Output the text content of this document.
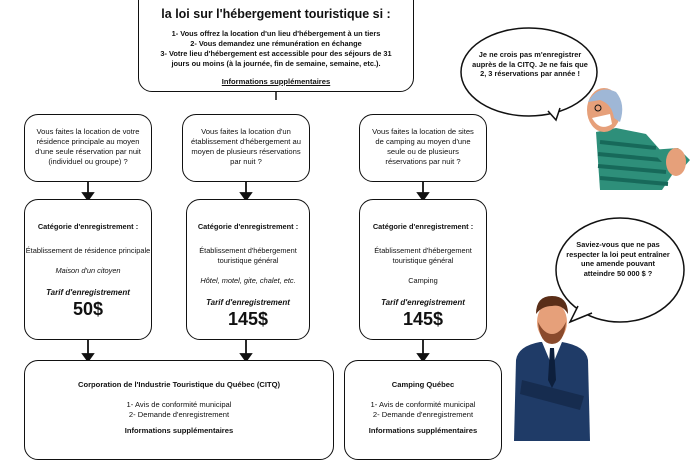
la loi sur l'hébergement touristique si :
1- Vous offrez la location d'un lieu d'hébergement à un tiers
2- Vous demandez une rémunération en échange
3- Votre lieu d'hébergement est accessible pour des séjours de 31
jours ou moins (à la journée, fin de semaine, semaine, etc.).
Informations supplémentaires
Vous faites la location de votre résidence principale au moyen d'une seule réservation par nuit (individuel ou groupe) ?
Vous faites la location d'un établissement d'hébergement au moyen de plusieurs réservations par nuit ?
Vous faites la location de sites de camping au moyen d'une seule ou de plusieurs réservations par nuit ?
Catégorie d'enregistrement :
Établissement de résidence principale
Maison d'un citoyen
Tarif d'enregistrement
50$
Catégorie d'enregistrement :
Établissement d'hébergement touristique général
Hôtel, motel, gite, chalet, etc.
Tarif d'enregistrement
145$
Catégorie d'enregistrement :
Établissement d'hébergement touristique général
Camping
Tarif d'enregistrement
145$
Corporation de l'Industrie Touristique du Québec (CITQ)
1- Avis de conformité municipal
2- Demande d'enregistrement
Informations supplémentaires
Camping Québec
1- Avis de conformité municipal
2- Demande d'enregistrement
Informations supplémentaires
Je ne crois pas m'enregistrer auprès de la CITQ. Je ne fais que 2, 3 réservations par année !
Saviez-vous que ne pas respecter la loi peut entraîner une amende pouvant atteindre 50 000 $ ?
